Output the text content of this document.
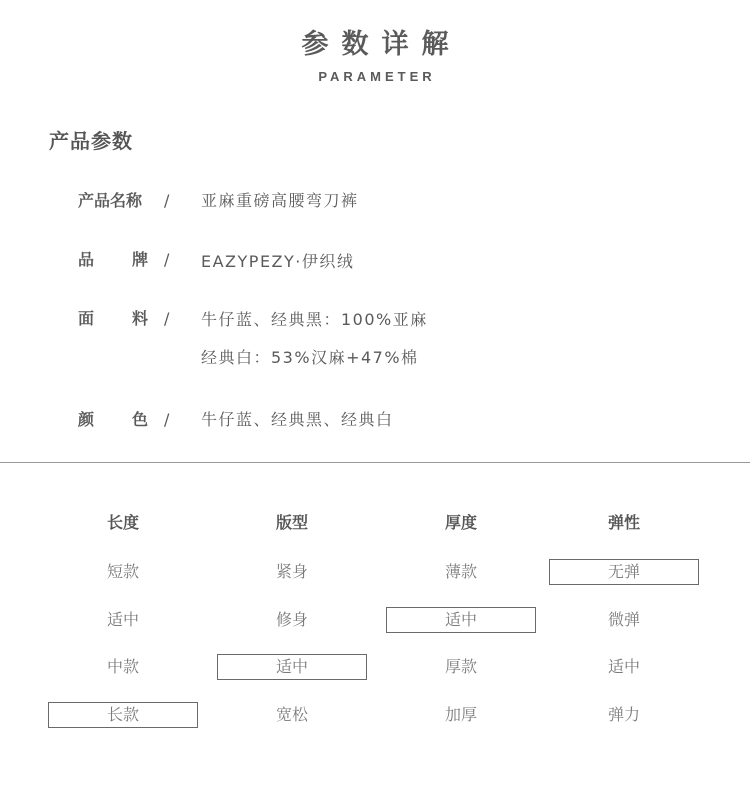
参数详解
PARAMETER
产品参数
产品名称	/ 亚麻重磅高腰弯刀裤
品 牌 / EAZYPEZY·伊织绒
面 料 / 牛仔蓝、经典黑：100%亚麻
经典白：53%汉麻+47%棉
颜 色 / 牛仔蓝、经典黑、经典白
长度
短款
适中
中款
长款
版型
紧身
修身
适中
宽松
厚度
薄款
适中
厚款
加厚
弹性
无弹
微弹
适中
弹力
